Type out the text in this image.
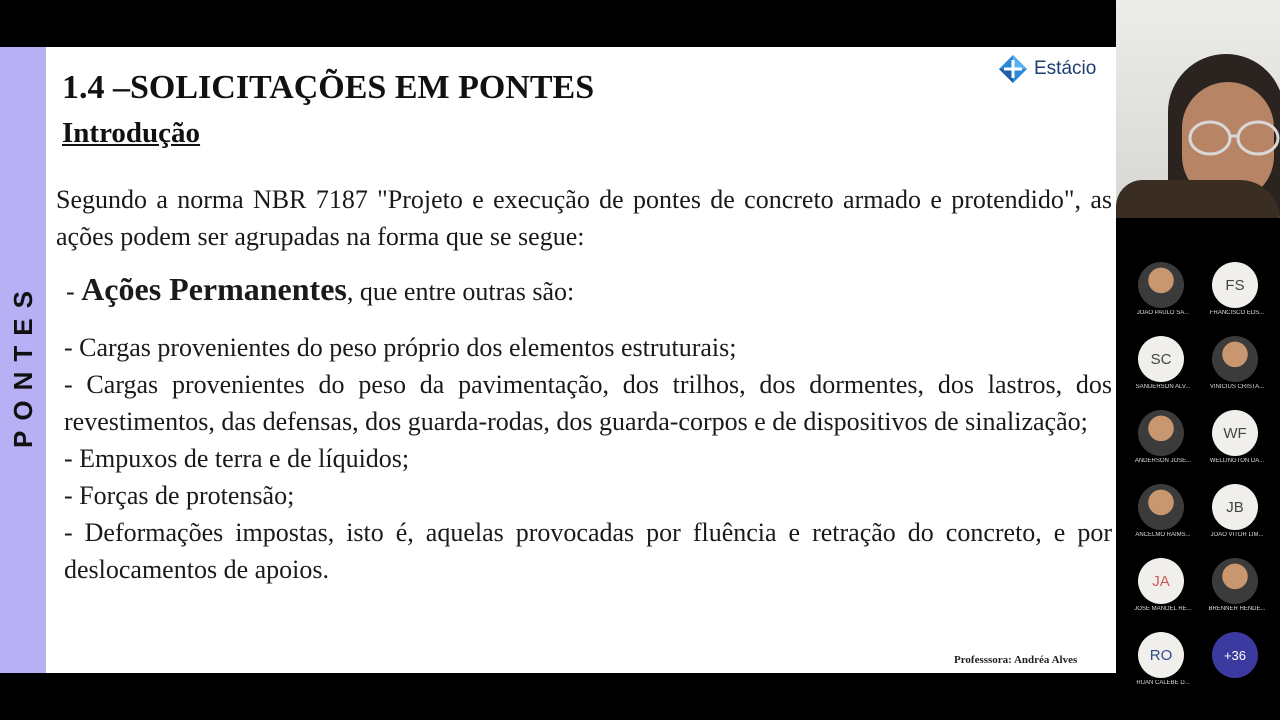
PONTES
Estácio
1.4 –SOLICITAÇÕES EM PONTES
Introdução
Segundo a norma NBR 7187 "Projeto e execução de pontes de concreto armado e protendido", as ações podem ser agrupadas na forma que se segue:
- Ações Permanentes, que entre outras são:

- Cargas provenientes do peso próprio dos elementos estruturais;

- Cargas provenientes do peso da pavimentação, dos trilhos, dos dormentes, dos lastros, dos revestimentos, das defensas, dos guarda-rodas, dos guarda-corpos e de dispositivos de sinalização;

- Empuxos de terra e de líquidos;

- Forças de protensão;

- Deformações impostas, isto é, aquelas provocadas por fluência e retração do concreto, e por deslocamentos de apoios.

Professsora: Andréa Alves
JOAO PAULO SA...
FS
FRANCISCO EDS...
SC
SANDERSON ALV...	VINICIUS CRISTA...
ANDERSON JOSE...
WF
WELLINGTON DA...
ANCELMO RAIMS...
JB
JOAO VITOR LIM...
JA
JOSE MANOEL RE...	BRENNER HENDE...
RO
RUAN CALEBE D...
+36
